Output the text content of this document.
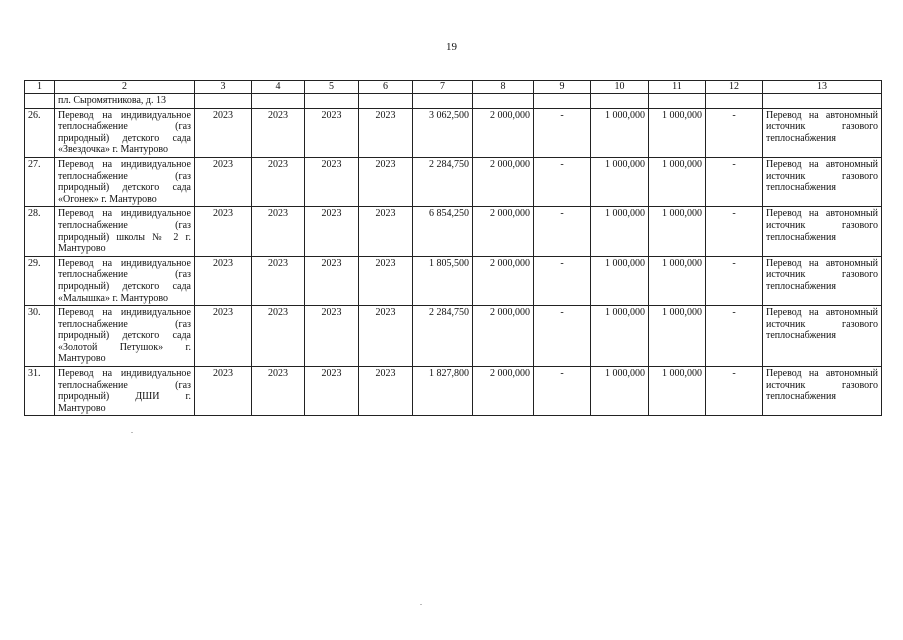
19
1	2	3	4	5	6	7	8	9	10	11	12	13
	пл. Сыромятникова, д. 13											
26.	Перевод на индивидуальное теплоснабжение (газ природный) детского сада «Звездочка» г. Мантурово	2023	2023	2023	2023	3 062,500	2 000,000	-	1 000,000	1 000,000	-	Перевод на автономный источник газового теплоснабжения
27.	Перевод на индивидуальное теплоснабжение (газ природный) детского сада «Огонек» г. Мантурово	2023	2023	2023	2023	2 284,750	2 000,000	-	1 000,000	1 000,000	-	Перевод на автономный источник газового теплоснабжения
28.	Перевод на индивидуальное теплоснабжение (газ природный) школы № 2 г. Мантурово	2023	2023	2023	2023	6 854,250	2 000,000	-	1 000,000	1 000,000	-	Перевод на автономный источник газового теплоснабжения
29.	Перевод на индивидуальное теплоснабжение (газ природный) детского сада «Малышка» г. Мантурово	2023	2023	2023	2023	1 805,500	2 000,000	-	1 000,000	1 000,000	-	Перевод на автономный источник газового теплоснабжения
30.	Перевод на индивидуальное теплоснабжение (газ природный) детского сада «Золотой Петушок» г. Мантурово	2023	2023	2023	2023	2 284,750	2 000,000	-	1 000,000	1 000,000	-	Перевод на автономный источник газового теплоснабжения
31.	Перевод на индивидуальное теплоснабжение (газ природный) ДШИ г. Мантурово	2023	2023	2023	2023	1 827,800	2 000,000	-	1 000,000	1 000,000	-	Перевод на автономный источник газового теплоснабжения
